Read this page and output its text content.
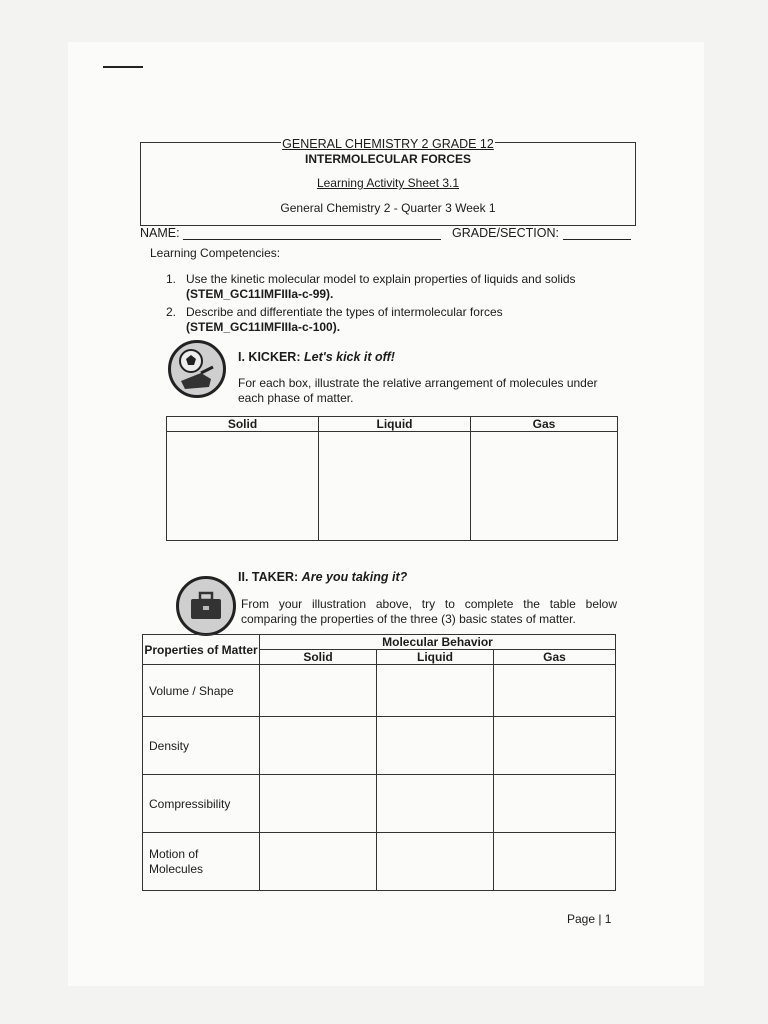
GENERAL CHEMISTRY 2 GRADE 12
INTERMOLECULAR FORCES
Learning Activity Sheet 3.1
General Chemistry 2 - Quarter 3 Week 1
NAME:	GRADE/SECTION:
Learning Competencies:
1. Use the kinetic molecular model to explain properties of liquids and solids
(STEM_GC11IMFIIIa-c-99).
2. Describe and differentiate the types of intermolecular forces
(STEM_GC11IMFIIIa-c-100).
I. KICKER: Let's kick it off!
For each box, illustrate the relative arrangement of molecules under each phase of matter.
Solid	Liquid	Gas

II. TAKER: Are you taking it?
From your illustration above, try to complete the table below comparing the properties of the three (3) basic states of matter.
Properties of Matter	Molecular Behavior		
	Solid	Liquid	Gas
Volume / Shape			
Density			
Compressibility			
Motion of Molecules			
Page | 1
